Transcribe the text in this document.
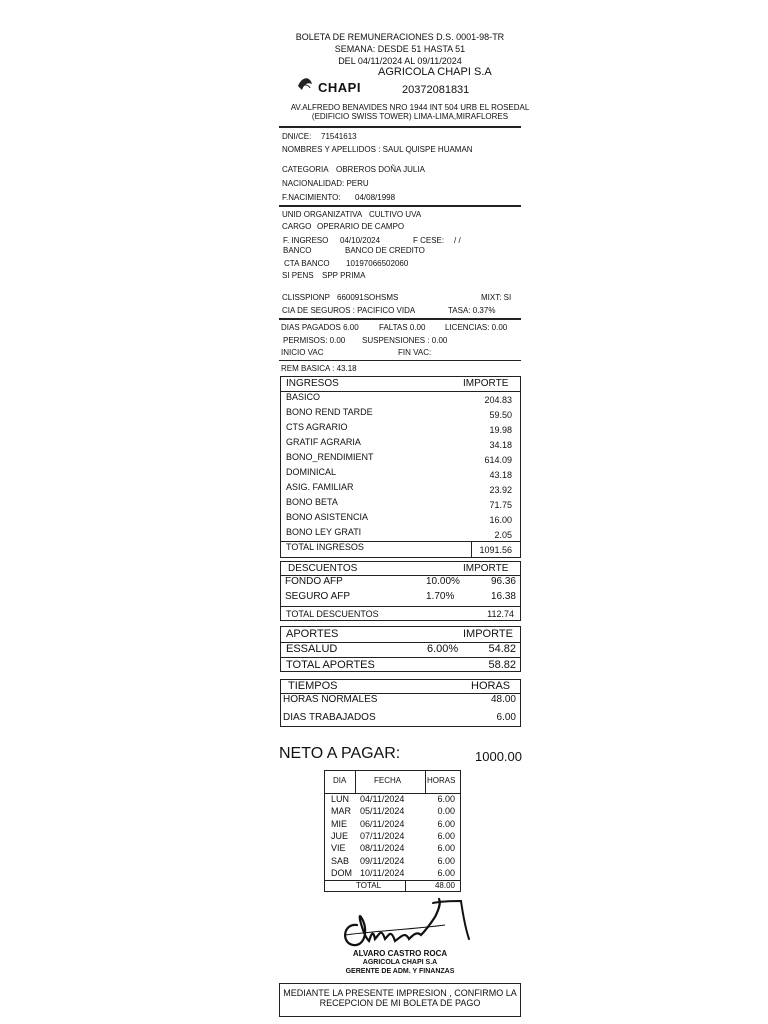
BOLETA DE REMUNERACIONES D.S. 0001-98-TR
SEMANA: DESDE 51 HASTA 51
DEL 04/11/2024 AL 09/11/2024
CHAPI
AGRICOLA CHAPI S.A
20372081831
AV.ALFREDO BENAVIDES NRO 1944 INT 504 URB EL ROSEDAL
(EDIFICIO SWISS TOWER) LIMA-LIMA,MIRAFLORES
DNI/CE: 71541613
NOMBRES Y APELLIDOS : SAUL QUISPE HUAMAN
CATEGORIA OBREROS DOÑA JULIA
NACIONALIDAD: PERU
F.NACIMIENTO: 04/08/1998
UNID ORGANIZATIVA CULTIVO UVA
CARGO OPERARIO DE CAMPO
F. INGRESO 04/10/2024	F CESE: / /
BANCO	BANCO DE CREDITO
CTA BANCO 10197066502060
SI PENS SPP PRIMA
CLISSPIONP 660091SOHSMS	MIXT: SI
CIA DE SEGUROS : PACIFICO VIDA	TASA: 0.37%
DIAS PAGADOS 6.00	FALTAS 0.00 LICENCIAS: 0.00
PERMISOS: 0.00 SUSPENSIONES : 0.00
INICIO VAC	FIN VAC:
REM BASICA : 43.18
INGRESOS	IMPORTE
BASICO	204.83
BONO REND TARDE	59.50
CTS AGRARIO	19.98
GRATIF AGRARIA	34.18
BONO_RENDIMIENT	614.09
DOMINICAL	43.18
ASIG. FAMILIAR	23.92
BONO BETA	71.75
BONO ASISTENCIA	16.00
BONO LEY GRATI	2.05
TOTAL INGRESOS	1091.56
DESCUENTOS	IMPORTE
FONDO AFP	10.00%	96.36
SEGURO AFP	1.70%	16.38
TOTAL DESCUENTOS	112.74
APORTES	IMPORTE
ESSALUD	6.00%	54.82
TOTAL APORTES	58.82
TIEMPOS	HORAS
HORAS NORMALES	48.00
DIAS TRABAJADOS	6.00
NETO A PAGAR:	1000.00
DIA	FECHA	HORAS
LUN 04/11/2024	6.00
MAR 05/11/2024	0.00
MIE 06/11/2024	6.00
JUE 07/11/2024	6.00
VIE 08/11/2024	6.00
SAB 09/11/2024	6.00
DOM 10/11/2024	6.00
TOTAL	48.00
ALVARO CASTRO ROCA
AGRICOLA CHAPI S.A
GERENTE DE ADM. Y FINANZAS
MEDIANTE LA PRESENTE IMPRESION , CONFIRMO LA
RECEPCION DE MI BOLETA DE PAGO
